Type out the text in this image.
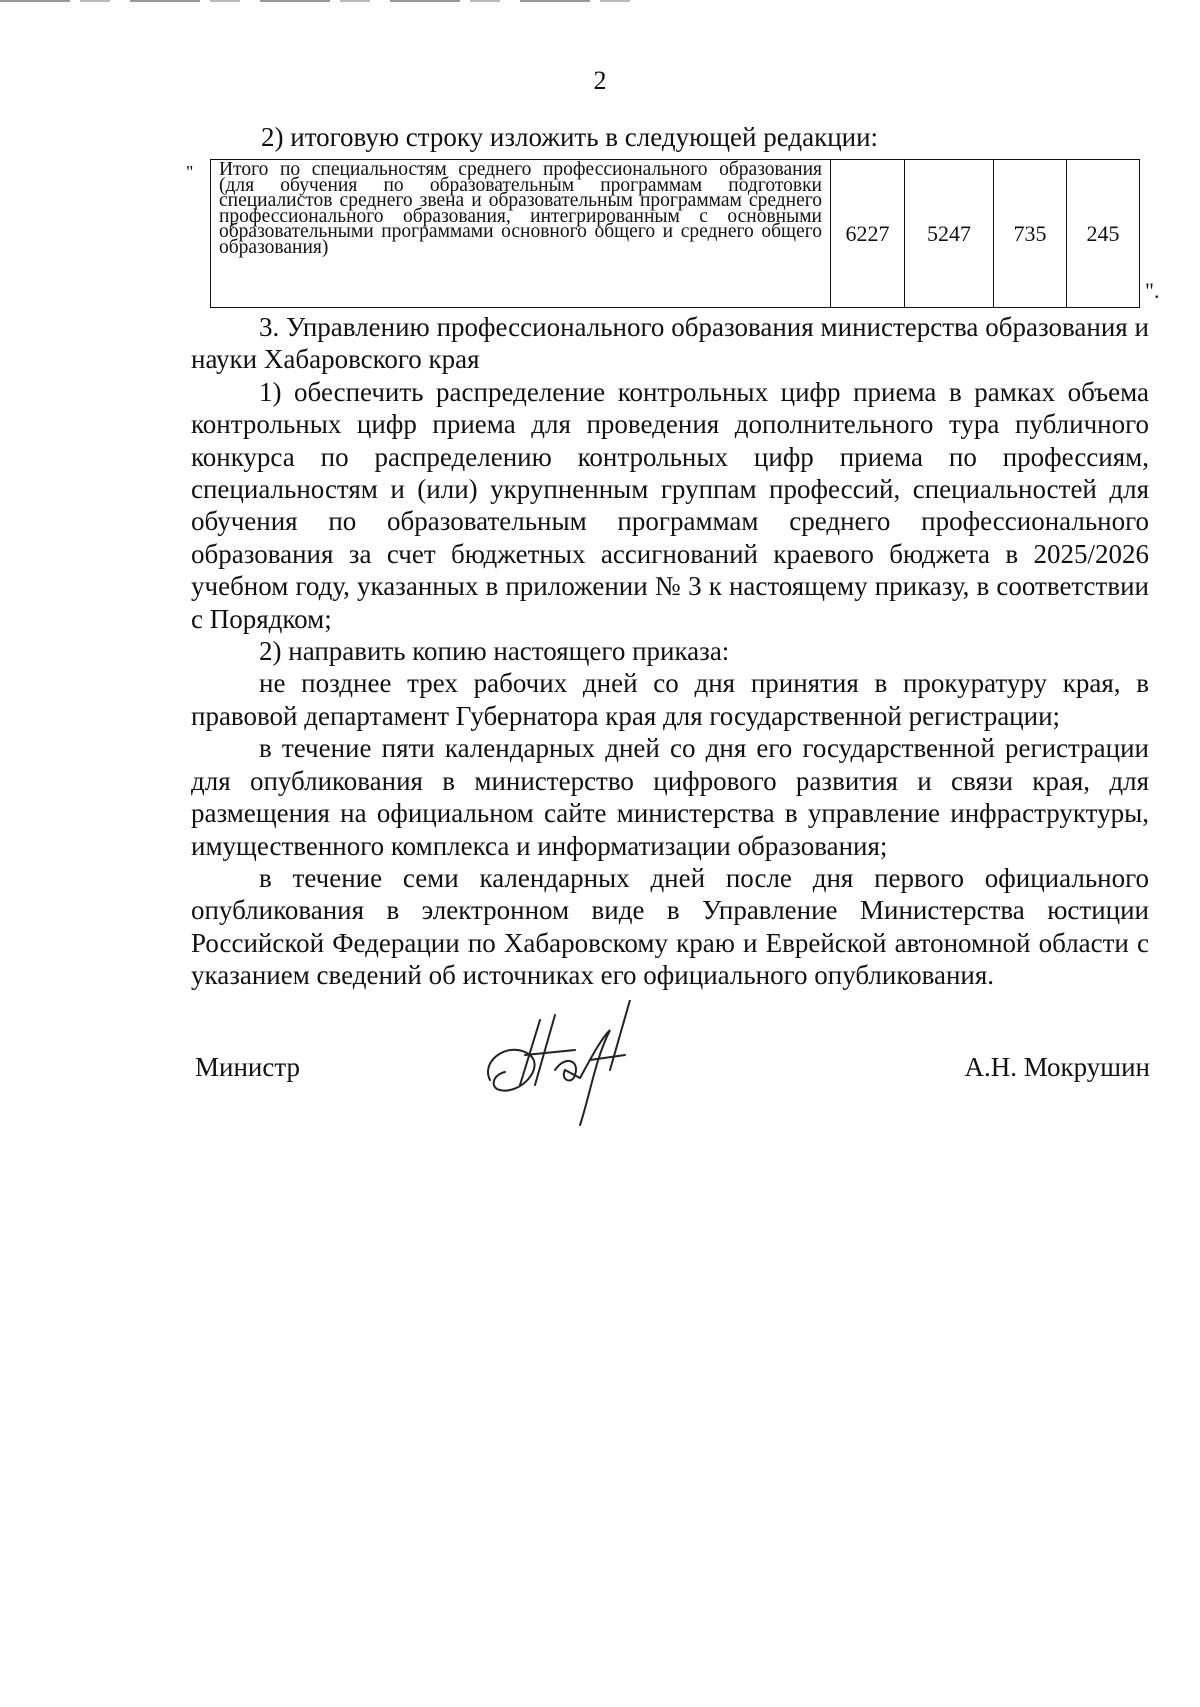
2
2) итоговую строку изложить в следующей редакции:
" Итого по специальностям среднего профессионального образования (для обучения по образовательным программам подготовки специалистов среднего звена и образовательным программам среднего профессионального образования, интегрированным с основными образовательными программами основного общего и среднего общего образования)	6227	5247	735	245
".

3. Управлению профессионального образования министерства образования и науки Хабаровского края

1) обеспечить распределение контрольных цифр приема в рамках объема контрольных цифр приема для проведения дополнительного тура публичного конкурса по распределению контрольных цифр приема по профессиям, специальностям и (или) укрупненным группам профессий, специальностей для обучения по образовательным программам среднего профессионального образования за счет бюджетных ассигнований краевого бюджета в 2025/2026 учебном году, указанных в приложении № 3 к настоящему приказу, в соответствии с Порядком;

2) направить копию настоящего приказа:

не позднее трех рабочих дней со дня принятия в прокуратуру края, в правовой департамент Губернатора края для государственной регистрации;

в течение пяти календарных дней со дня его государственной регистрации для опубликования в министерство цифрового развития и связи края, для размещения на официальном сайте министерства в управление инфраструктуры, имущественного комплекса и информатизации образования;

в течение семи календарных дней после дня первого официального опубликования в электронном виде в Управление Министерства юстиции Российской Федерации по Хабаровскому краю и Еврейской автономной области с указанием сведений об источниках его официального опубликования.

Министр	А.Н. Мокрушин
